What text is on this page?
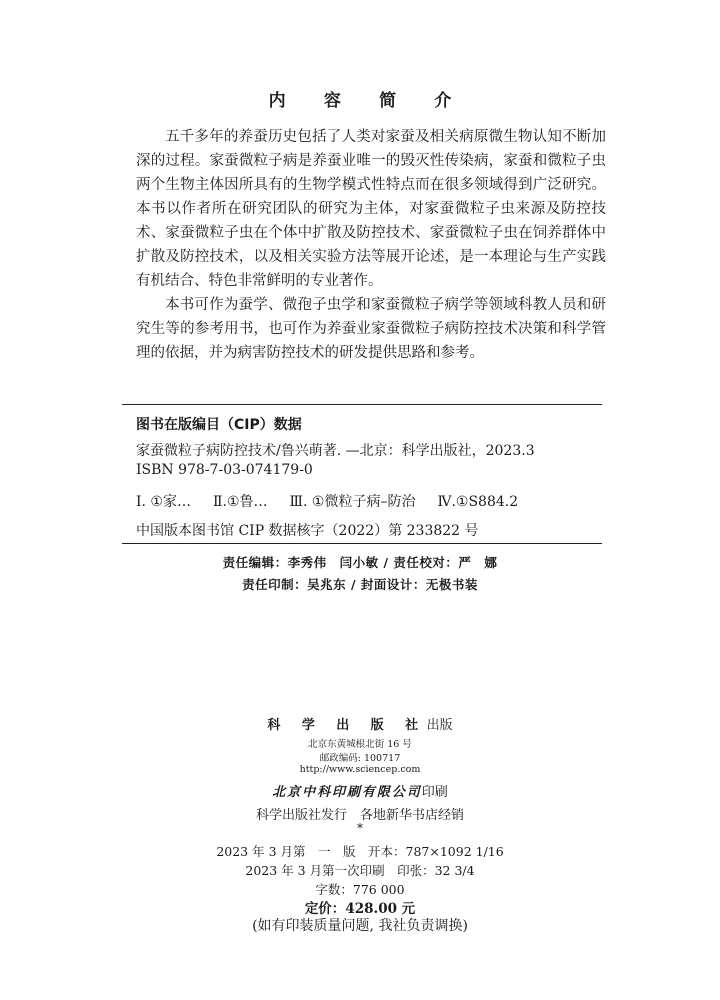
内 容 简 介

五千多年的养蚕历史包括了人类对家蚕及相关病原微生物认知不断加深的过程。家蚕微粒子病是养蚕业唯一的毁灭性传染病，家蚕和微粒子虫两个生物主体因所具有的生物学模式性特点而在很多领域得到广泛研究。本书以作者所在研究团队的研究为主体，对家蚕微粒子虫来源及防控技术、家蚕微粒子虫在个体中扩散及防控技术、家蚕微粒子虫在饲养群体中扩散及防控技术，以及相关实验方法等展开论述，是一本理论与生产实践有机结合、特色非常鲜明的专业著作。

本书可作为蚕学、微孢子虫学和家蚕微粒子病学等领域科教人员和研究生等的参考用书，也可作为养蚕业家蚕微粒子病防控技术决策和科学管理的依据，并为病害防控技术的研发提供思路和参考。

图书在版编目（CIP）数据
家蚕微粒子病防控技术/鲁兴萌著. —北京：科学出版社，2023.3
ISBN 978-7-03-074179-0
Ⅰ. ①家… Ⅱ.①鲁… Ⅲ. ①微粒子病–防治 Ⅳ.①S884.2
中国版本图书馆 CIP 数据核字（2022）第 233822 号
责任编辑：李秀伟　闫小敏 / 责任校对：严　娜
责任印制：吴兆东 / 封面设计：无极书装
科 学 出 版 社出版
北京东黄城根北街 16 号
邮政编码: 100717
http://www.sciencep.com
北京中科印刷有限公司印刷
科学出版社发行　各地新华书店经销
*
2023 年 3 月第　一　版　开本：787×1092 1/16
2023 年 3 月第一次印刷　印张：32 3/4
字数：776 000
定价：428.00 元
(如有印装质量问题, 我社负责调换)
